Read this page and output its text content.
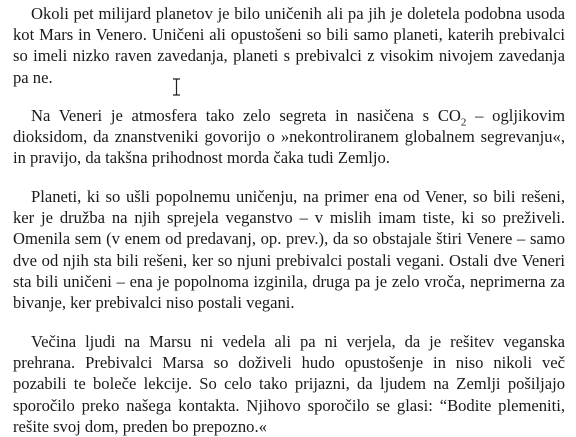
Okoli pet milijard planetov je bilo uničenih ali pa jih je doletela podobna usoda kot Mars in Venero. Uničeni ali opustošeni so bili samo planeti, katerih prebivalci so imeli nizko raven zavedanja, planeti s prebivalci z visokim nivojem zavedanja pa ne.

Na Veneri je atmosfera tako zelo segreta in nasičena s $CO_2$ – ogljikovim dioksidom, da znanstveniki govorijo o »nekontroliranem globalnem segrevanju«, in pravijo, da takšna prihodnost morda čaka tudi Zemljo.

Planeti, ki so ušli popolnemu uničenju, na primer ena od Vener, so bili rešeni, ker je družba na njih sprejela veganstvo – v mislih imam tiste, ki so preživeli. Omenila sem (v enem od predavanj, op. prev.), da so obstajale štiri Venere – samo dve od njih sta bili rešeni, ker so njuni prebivalci postali vegani. Ostali dve Veneri sta bili uničeni – ena je popolnoma izginila, druga pa je zelo vroča, neprimerna za bivanje, ker prebivalci niso postali vegani.

Večina ljudi na Marsu ni vedela ali pa ni verjela, da je rešitev veganska prehrana. Prebivalci Marsa so doživeli hudo opustošenje in niso nikoli več pozabili te boleče lekcije. So celo tako prijazni, da ljudem na Zemlji pošiljajo sporočilo preko našega kontakta. Njihovo sporočilo se glasi: “Bodite plemeniti, rešite svoj dom, preden bo prepozno.«
